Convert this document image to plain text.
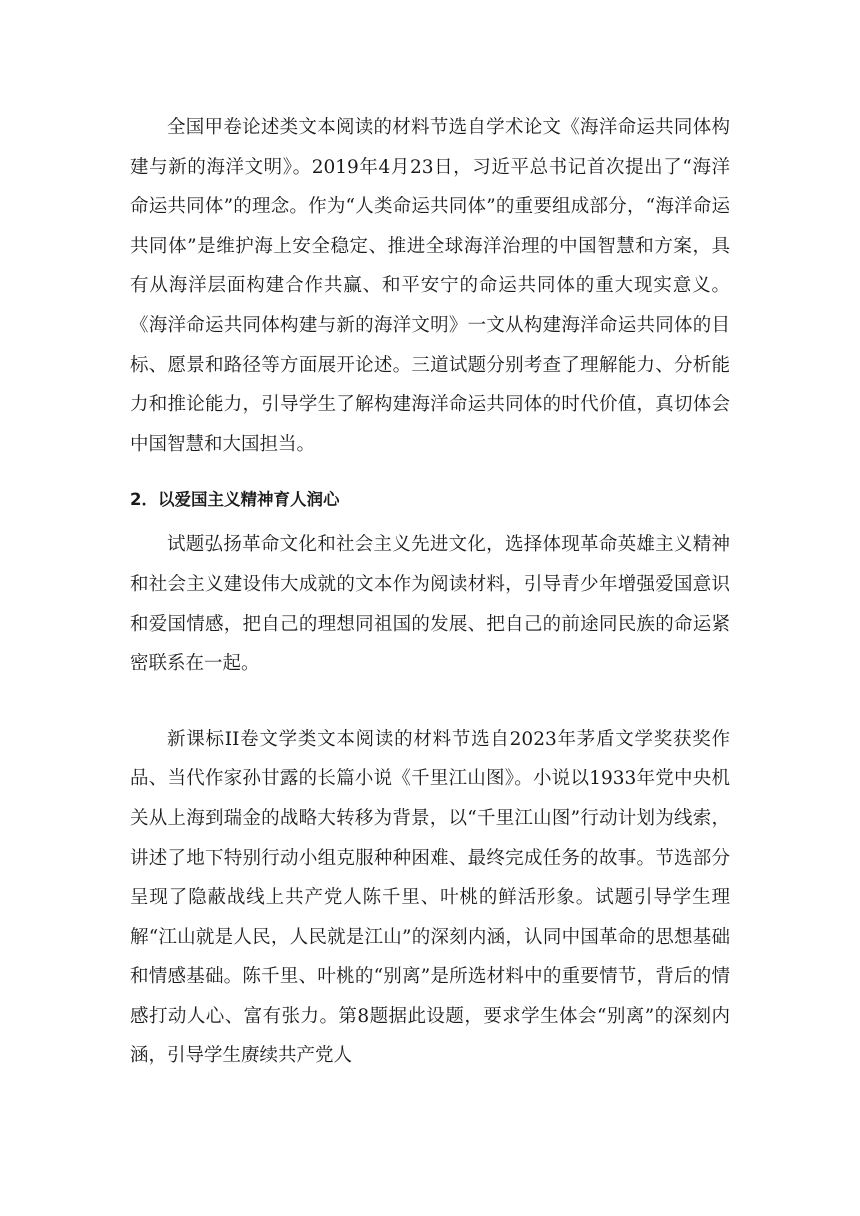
全国甲卷论述类文本阅读的材料节选自学术论文《海洋命运共同体构建与新的海洋文明》。2019年4月23日，习近平总书记首次提出了“海洋命运共同体”的理念。作为“人类命运共同体”的重要组成部分，“海洋命运共同体”是维护海上安全稳定、推进全球海洋治理的中国智慧和方案，具有从海洋层面构建合作共赢、和平安宁的命运共同体的重大现实意义。《海洋命运共同体构建与新的海洋文明》一文从构建海洋命运共同体的目标、愿景和路径等方面展开论述。三道试题分别考查了理解能力、分析能力和推论能力，引导学生了解构建海洋命运共同体的时代价值，真切体会中国智慧和大国担当。

2．以爱国主义精神育人润心

试题弘扬革命文化和社会主义先进文化，选择体现革命英雄主义精神和社会主义建设伟大成就的文本作为阅读材料，引导青少年增强爱国意识和爱国情感，把自己的理想同祖国的发展、把自己的前途同民族的命运紧密联系在一起。

新课标II卷文学类文本阅读的材料节选自2023年茅盾文学奖获奖作品、当代作家孙甘露的长篇小说《千里江山图》。小说以1933年党中央机关从上海到瑞金的战略大转移为背景，以“千里江山图”行动计划为线索，讲述了地下特别行动小组克服种种困难、最终完成任务的故事。节选部分呈现了隐蔽战线上共产党人陈千里、叶桃的鲜活形象。试题引导学生理解“江山就是人民，人民就是江山”的深刻内涵，认同中国革命的思想基础和情感基础。陈千里、叶桃的“别离”是所选材料中的重要情节，背后的情感打动人心、富有张力。第8题据此设题，要求学生体会“别离”的深刻内涵，引导学生赓续共产党人
